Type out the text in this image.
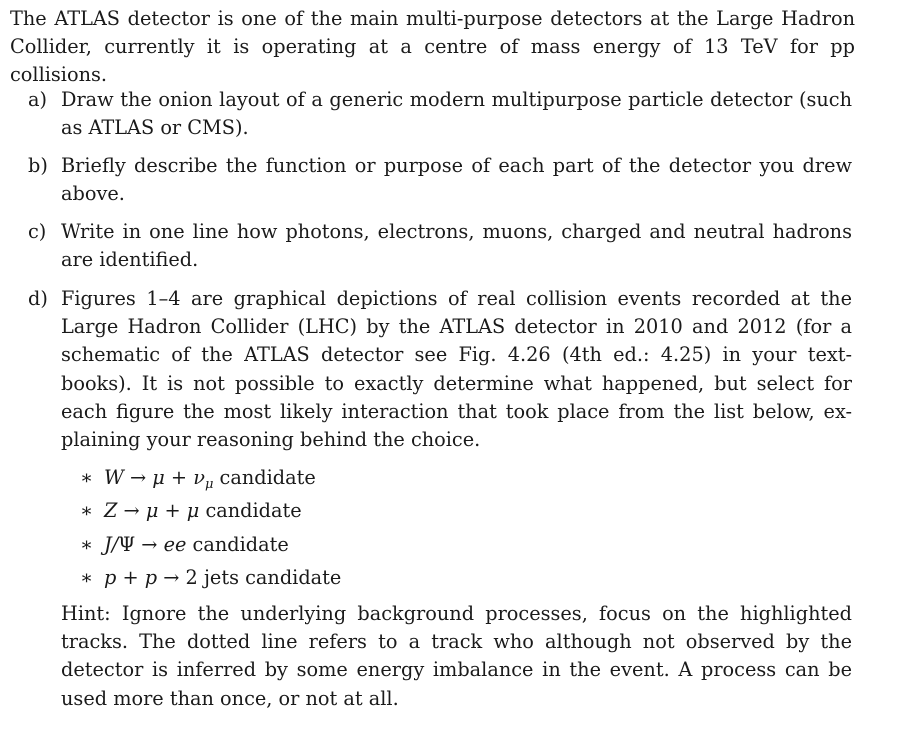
The ATLAS detector is one of the main multi-purpose detectors at the Large Hadron Collider, currently it is operating at a centre of mass energy of 13 TeV for pp collisions.

a) Draw the onion layout of a generic modern multipurpose particle detector (such as ATLAS or CMS).
b) Briefly describe the function or purpose of each part of the detector you drew above.
c) Write in one line how photons, electrons, muons, charged and neutral hadrons are identified.
d) Figures 1–4 are graphical depictions of real collision events recorded at the Large Hadron Collider (LHC) by the ATLAS detector in 2010 and 2012 (for a schematic of the ATLAS detector see Fig. 4.26 (4th ed.: 4.25) in your text-books). It is not possible to exactly determine what happened, but select for each figure the most likely interaction that took place from the list below, ex-plaining your reasoning behind the choice.
∗ $W \to \mu + \nu_\mu$ candidate
∗ Z → μ + μ candidate
∗ J/Ψ → ee candidate
∗ p + p → 2 jets candidate

Hint: Ignore the underlying background processes, focus on the highlighted tracks. The dotted line refers to a track who although not observed by the detector is inferred by some energy imbalance in the event. A process can be used more than once, or not at all.
